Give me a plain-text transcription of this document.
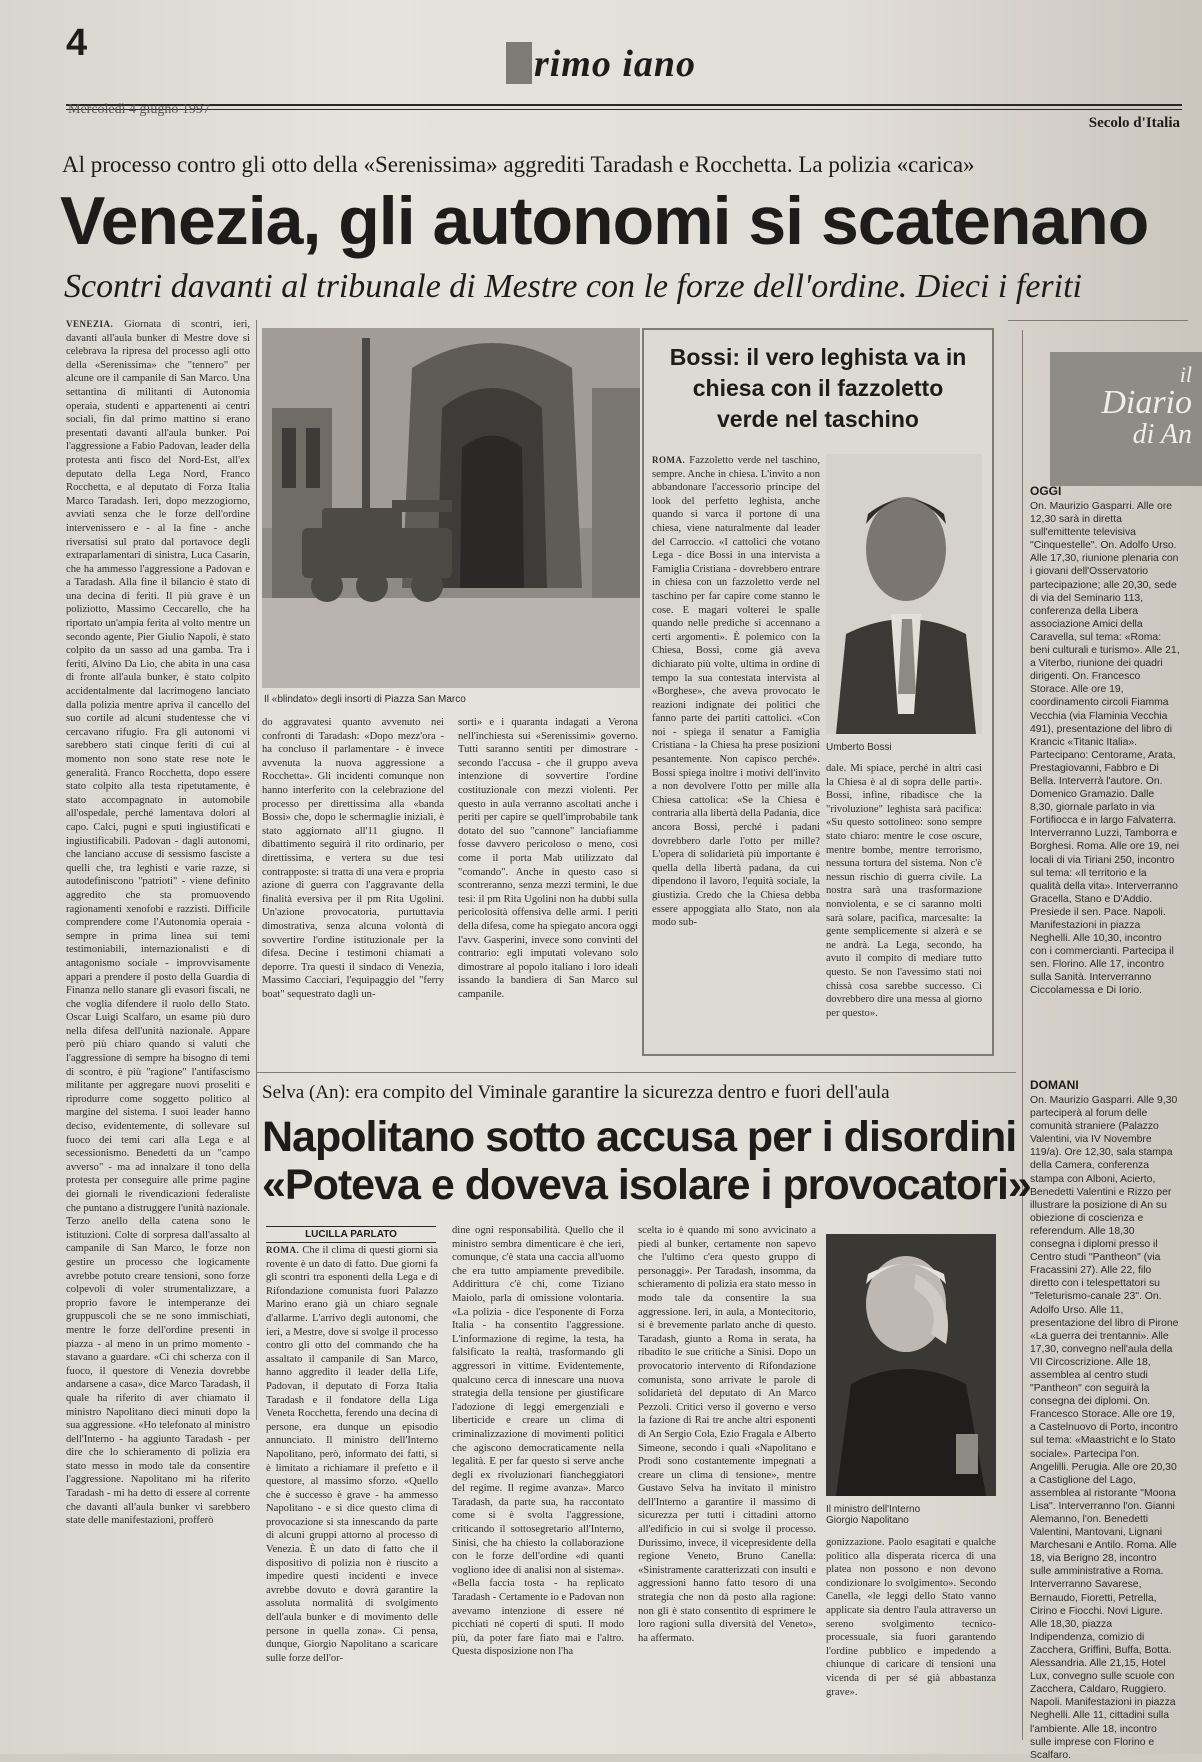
4	rimo iano
Mercoledì 4 giugno 1997
Secolo d'Italia
Al processo contro gli otto della «Serenissima» aggrediti Taradash e Rocchetta. La polizia «carica»
Venezia, gli autonomi si scatenano
Scontri davanti al tribunale di Mestre con le forze dell'ordine. Dieci i feriti
VENEZIA. Giornata di scontri, ieri, davanti all'aula bunker di Mestre dove si celebrava la ripresa del processo agli otto della «Serenissima» che "tennero" per alcune ore il campanile di San Marco. Una settantina di militanti di Autonomia operaia, studenti e appartenenti ai centri sociali, fin dal primo mattino si erano presentati davanti all'aula bunker. Poi l'aggressione a Fabio Padovan, leader della protesta anti fisco del Nord-Est, all'ex deputato della Lega Nord, Franco Rocchetta, e al deputato di Forza Italia Marco Taradash. Ieri, dopo mezzogiorno, avviati senza che le forze dell'ordine intervenissero e - al la fine - anche riversatisi sul prato dal portavoce degli extraparlamentari di sinistra, Luca Casarin, che ha ammesso l'aggressione a Padovan e a Taradash. Alla fine il bilancio è stato di una decina di feriti. Il più grave è un poliziotto, Massimo Ceccarello, che ha riportato un'ampia ferita al volto mentre un secondo agente, Pier Giulio Napoli, è stato colpito da un sasso ad una gamba. Tra i feriti, Alvino Da Lio, che abita in una casa di fronte all'aula bunker, è stato colpito accidentalmente dal lacrimogeno lanciato dalla polizia mentre apriva il cancello del suo cortile ad alcuni studentesse che vi cercavano rifugio. Fra gli autonomi vi sarebbero stati cinque feriti di cui al momento non sono state rese note le generalità. Franco Rocchetta, dopo essere stato colpito alla testa ripetutamente, è stato accompagnato in automobile all'ospedale, perché lamentava dolori al capo. Calci, pugni e sputi ingiustificati e ingiustificabili. Padovan - dagli autonomi, che lanciano accuse di sessismo fasciste a quelli che, tra leghisti e varie razze, si autodefiniscono "patrioti" - viene definito aggredito che sta promuovendo ragionamenti xenofobi e razzisti. Difficile comprendere come l'Autonomia operaia - sempre in prima linea sui temi testimoniabili, internazionalisti e di antagonismo sociale - improvvisamente appari a prendere il posto della Guardia di Finanza nello stanare gli evasori fiscali, ne che voglia difendere il ruolo dello Stato. Oscar Luigi Scalfaro, un esame più duro nella difesa dell'unità nazionale. Appare però più chiaro quando si valuti che l'aggressione di sempre ha bisogno di temi di scontro, è più "ragione" l'antifascismo militante per aggregare nuovi proseliti e riprodurre come soggetto politico al margine del sistema. I suoi leader hanno deciso, evidentemente, di sollevare sul fuoco dei temi cari alla Lega e al secessionismo. Benedetti da un "campo avverso" - ma ad innalzare il tono della protesta per conseguire alle prime pagine dei giornali le rivendicazioni federaliste che puntano a distruggere l'unità nazionale. Terzo anello della catena sono le istituzioni. Colte di sorpresa dall'assalto al campanile di San Marco, le forze non gestire un processo che logicamente avrebbe potuto creare tensioni, sono forze colpevoli di voler strumentalizzare, a proprio favore le intemperanze dei gruppuscoli che se ne sono immischiati, mentre le forze dell'ordine presenti in piazza - al meno in un primo momento - stavano a guardare. «Ci chi scherza con il fuoco, il questore di Venezia dovrebbe andarsene a casa», dice Marco Taradash, il quale ha riferito di aver chiamato il ministro Napolitano dieci minuti dopo la sua aggressione. «Ho telefonato al ministro dell'Interno - ha aggiunto Taradash - per dire che lo schieramento di polizia era stato messo in modo tale da consentire l'aggressione. Napolitano mi ha riferito Taradash - mi ha detto di essere al corrente che davanti all'aula bunker vi sarebbero state delle manifestazioni, profferò
Il «blindato» degli insorti di Piazza San Marco
do aggravatesi quanto avvenuto nei confronti di Taradash: «Dopo mezz'ora - ha concluso il parlamentare - è invece avvenuta la nuova aggressione a Rocchetta». Gli incidenti comunque non hanno interferito con la celebrazione del processo per direttissima alla «banda Bossi» che, dopo le schermaglie iniziali, è stato aggiornato all'11 giugno. Il dibattimento seguirà il rito ordinario, per direttissima, e vertera su due tesi contrapposte: si tratta di una vera e propria azione di guerra con l'aggravante della finalità eversiva per il pm Rita Ugolini. Un'azione provocatoria, purtuttavia dimostrativa, senza alcuna volontà di sovvertire l'ordine istituzionale per la difesa. Decine i testimoni chiamati a deporre. Tra questi il sindaco di Venezia, Massimo Cacciari, l'equipaggio del "ferry boat" sequestrato dagli un-
sorti» e i quaranta indagati a Verona nell'inchiesta sui «Serenissimi» governo. Tutti saranno sentiti per dimostrare - secondo l'accusa - che il gruppo aveva intenzione di sovvertire l'ordine costituzionale con mezzi violenti. Per questo in aula verranno ascoltati anche i periti per capire se quell'improbabile tank dotato del suo "cannone" lanciafiamme fosse davvero pericoloso o meno, così come il porta Mab utilizzato dal "comando". Anche in questo caso si scontreranno, senza mezzi termini, le due tesi: il pm Rita Ugolini non ha dubbi sulla pericolosità offensiva delle armi. I periti della difesa, come ha spiegato ancora oggi l'avv. Gasperini, invece sono convinti del contrario: egli imputati volevano solo dimostrare al popolo italiano i loro ideali issando la bandiera di San Marco sul campanile.
Bossi: il vero leghista va in chiesa con il fazzoletto verde nel taschino
ROMA. Fazzoletto verde nel taschino, sempre. Anche in chiesa. L'invito a non abbandonare l'accessorio principe del look del perfetto leghista, anche quando si varca il portone di una chiesa, viene naturalmente dal leader del Carroccio. «I cattolici che votano Lega - dice Bossi in una intervista a Famiglia Cristiana - dovrebbero entrare in chiesa con un fazzoletto verde nel taschino per far capire come stanno le cose. E magari volterei le spalle quando nelle prediche si accennano a certi argomenti». È polemico con la Chiesa, Bossi, come già aveva dichiarato più volte, ultima in ordine di tempo la sua contestata intervista al «Borghese», che aveva provocato le reazioni indignate dei politici che fanno parte dei partiti cattolici. «Con noi - spiega il senatur a Famiglia Cristiana - la Chiesa ha prese posizioni pesantemente. Non capisco perché». Bossi spiega inoltre i motivi dell'invito a non devolvere l'otto per mille alla Chiesa cattolica: «Se la Chiesa è contraria alla libertà della Padania, dice ancora Bossi, perché i padani dovrebbero darle l'otto per mille? L'opera di solidarietà più importante è quella della libertà padana, da cui dipendono il lavoro, l'equità sociale, la giustizia. Credo che la Chiesa debba essere appoggiata allo Stato, non ala modo sub-
Umberto Bossi
dale. Mi spiace, perché in altri casi la Chiesa è al di sopra delle parti». Bossi, infine, ribadisce che la "rivoluzione" leghista sarà pacifica: «Su questo sottolineo: sono sempre stato chiaro: mentre le cose oscure, mentre bombe, mentre terrorismo, nessuna tortura del sistema. Non c'è nessun rischio di guerra civile. La nostra sarà una trasformazione nonviolenta, e se ci saranno molti sarà solare, pacifica, marcesalte: la gente semplicemente si alzerà e se ne andrà. La Lega, secondo, ha avuto il compito di mediare tutto questo. Se non l'avessimo stati noi chissà cosa sarebbe successo. Ci dovrebbero dire una messa al giorno per questo».
il
Diario
di An
OGGI
On. Maurizio Gasparri. Alle ore 12,30 sarà in diretta sull'emittente televisiva "Cinquestelle". On. Adolfo Urso. Alle 17,30, riunione plenaria con i giovani dell'Osservatorio partecipazione; alle 20,30, sede di via del Seminario 113, conferenza della Libera associazione Amici della Caravella, sul tema: «Roma: beni culturali e turismo». Alle 21, a Viterbo, riunione dei quadri dirigenti. On. Francesco Storace. Alle ore 19, coordinamento circoli Fiamma Vecchia (via Flaminia Vecchia 491), presentazione del libro di Krancic «Titanic Italia». Partecipano: Centorame, Arata, Prestagiovanni, Fabbro e Di Bella. Interverrà l'autore. On. Domenico Gramazio. Dalle 8,30, giornale parlato in via Fortifiocca e in largo Falvaterra. Interverranno Luzzi, Tamborra e Borghesi. Roma. Alle ore 19, nei locali di via Tiriani 250, incontro sul tema: «Il territorio e la qualità della vita». Interverranno Gracella, Stano e D'Addio. Presiede il sen. Pace. Napoli. Manifestazioni in piazza Neghelli. Alle 10,30, incontro con i commercianti. Partecipa il sen. Florino. Alle 17, incontro sulla Sanità. Interverranno Ciccolamessa e Di Iorio.
DOMANI
On. Maurizio Gasparri. Alle 9,30 parteciperà al forum delle comunità straniere (Palazzo Valentini, via IV Novembre 119/a). Ore 12,30, sala stampa della Camera, conferenza stampa con Alboni, Acierto, Benedetti Valentini e Rizzo per illustrare la posizione di An su obiezione di coscienza e referendum. Alle 18,30 consegna i diplomi presso il Centro studi "Pantheon" (via Fracassini 27). Alle 22, filo diretto con i telespettatori su "Teleturismo-canale 23". On. Adolfo Urso. Alle 11, presentazione del libro di Pirone «La guerra dei trentanni». Alle 17,30, convegno nell'aula della VII Circoscrizione. Alle 18, assemblea al centro studi "Pantheon" con seguirà la consegna dei diplomi. On. Francesco Storace. Alle ore 19, a Castelnuovo di Porto, incontro sul tema: «Maastricht e lo Stato sociale». Partecipa l'on. Angelilli. Perugia. Alle ore 20,30 a Castiglione del Lago, assemblea al ristorante "Moona Lisa". Interverranno l'on. Gianni Alemanno, l'on. Benedetti Valentini, Mantovani, Lignani Marchesani e Antilo. Roma. Alle 18, via Berigno 28, incontro sulle amministrative a Roma. Interverranno Savarese, Bernaudo, Fioretti, Petrella, Cirino e Fiocchi. Novi Ligure. Alle 18,30, piazza Indipendenza, comizio di Zacchera, Griffini, Buffa, Botta. Alessandria. Alle 21,15, Hotel Lux, convegno sulle scuole con Zacchera, Caldaro, Ruggiero. Napoli. Manifestazioni in piazza Neghelli. Alle 11, cittadini sulla l'ambiente. Alle 18, incontro sulle imprese con Florino e Scalfaro.
Selva (An): era compito del Viminale garantire la sicurezza dentro e fuori dell'aula
Napolitano sotto accusa per i disordini
«Poteva e doveva isolare i provocatori»
LUCILLA PARLATO
ROMA. Che il clima di questi giorni sia rovente è un dato di fatto. Due giorni fa gli scontri tra esponenti della Lega e di Rifondazione comunista fuori Palazzo Marino erano già un chiaro segnale d'allarme. L'arrivo degli autonomi, che ieri, a Mestre, dove si svolge il processo contro gli otto del commando che ha assaltato il campanile di San Marco, hanno aggredito il leader della Life, Padovan, il deputato di Forza Italia Taradash e il fondatore della Liga Veneta Rocchetta, ferendo una decina di persone, era dunque un episodio annunciato. Il ministro dell'Interno Napolitano, però, informato dei fatti, si è limitato a richiamare il prefetto e il questore, al massimo sforzo. «Quello che è successo è grave - ha ammesso Napolitano - e si dice questo clima di provocazione si sta innescando da parte di alcuni gruppi attorno al processo di Venezia. È un dato di fatto che il dispositivo di polizia non è riuscito a impedire questi incidenti e invece avrebbe dovuto e dovrà garantire la assoluta normalità di svolgimento dell'aula bunker e di movimento delle persone in quella zona». Ci pensa, dunque, Giorgio Napolitano a scaricare sulle forze dell'or-
dine ogni responsabilità. Quello che il ministro sembra dimenticare è che ieri, comunque, c'è stata una caccia all'uomo che era tutto ampiamente prevedibile. Addirittura c'è chi, come Tiziano Maiolo, parla di omissione volontaria. «La polizia - dice l'esponente di Forza Italia - ha consentito l'aggressione. L'informazione di regime, la testa, ha falsificato la realtà, trasformando gli aggressori in vittime. Evidentemente, qualcuno cerca di innescare una nuova strategia della tensione per giustificare l'adozione di leggi emergenziali e liberticide e creare un clima di criminalizzazione di movimenti politici che agiscono democraticamente nella legalità. E per far questo si serve anche degli ex rivoluzionari fiancheggiatori del regime. Il regime avanza». Marco Taradash, da parte sua, ha raccontato come si è svolta l'aggressione, criticando il sottosegretario all'Interno, Sinisi, che ha chiesto la collaborazione con le forze dell'ordine «di quanti vogliono idee di analisi non al sistema». «Bella faccia tosta - ha replicato Taradash - Certamente io e Padovan non avevamo intenzione di essere né picchiati né coperti di sputi. Il modo più, da poter fare fiato mai e l'altro. Questa disposizione non l'ha
scelta io è quando mi sono avvicinato a piedi al bunker, certamente non sapevo che l'ultimo c'era questo gruppo di personaggi». Per Taradash, insomma, da schieramento di polizia era stato messo in modo tale da consentire la sua aggressione. Ieri, in aula, a Montecitorio, si è brevemente parlato anche di questo. Taradash, giunto a Roma in serata, ha ribadito le sue critiche a Sinisi. Dopo un provocatorio intervento di Rifondazione comunista, sono arrivate le parole di solidarietà del deputato di An Marco Pezzoli. Critici verso il governo e verso la fazione di Rai tre anche altri esponenti di An Sergio Cola, Ezio Fragala e Alberto Simeone, secondo i quali «Napolitano e Prodi sono costantemente impegnati a creare un clima di tensione», mentre Gustavo Selva ha invitato il ministro dell'Interno a garantire il massimo di sicurezza per tutti i cittadini attorno all'edificio in cui si svolge il processo. Durissimo, invece, il vicepresidente della regione Veneto, Bruno Canella: «Sinistramente caratterizzati con insulti e aggressioni hanno fatto tesoro di una strategia che non dà posto alla ragione: non gli è stato consentito di esprimere le loro ragioni sulla diversità del Veneto», ha affermato.
Il ministro dell'Interno
Giorgio Napolitano
gonizzazione. Paolo esagitati e qualche politico alla disperata ricerca di una platea non possono e non devono condizionare lo svolgimento». Secondo Canella, «le leggi dello Stato vanno applicate sia dentro l'aula attraverso un sereno svolgimento tecnico-processuale, sia fuori garantendo l'ordine pubblico e impedendo a chiunque di caricare di tensioni una vicenda di per sé già abbastanza grave».
